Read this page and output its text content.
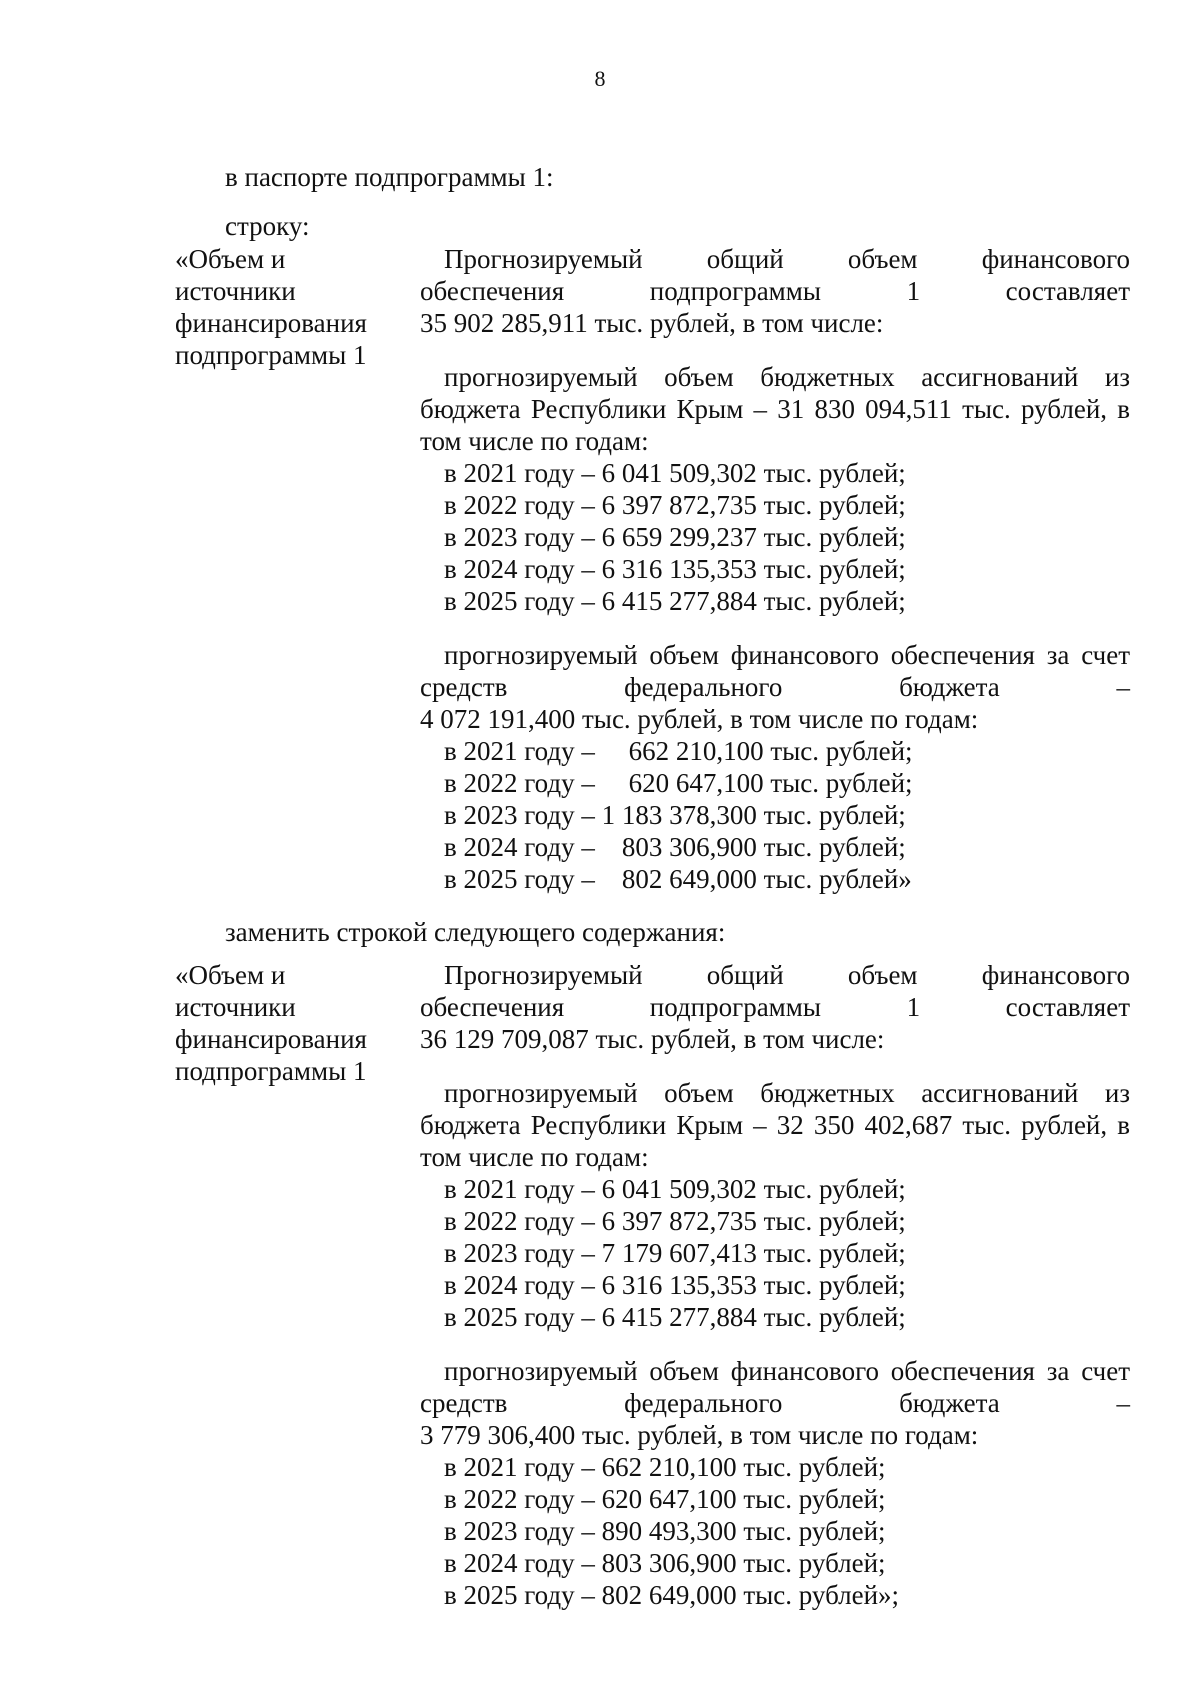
8
в паспорте подпрограммы 1:
строку:
«Объем и
источники
финансирования
подпрограммы 1
Прогнозируемый общий объем финансового
обеспечения подпрограммы 1 составляет
35 902 285,911 тыс. рублей, в том числе:
прогнозируемый объем бюджетных ассигнований из
бюджета Республики Крым – 31 830 094,511 тыс. рублей, в
том числе по годам:
в 2021 году – 6 041 509,302 тыс. рублей;
в 2022 году – 6 397 872,735 тыс. рублей;
в 2023 году – 6 659 299,237 тыс. рублей;
в 2024 году – 6 316 135,353 тыс. рублей;
в 2025 году – 6 415 277,884 тыс. рублей;
прогнозируемый объем финансового обеспечения за счет
средств федерального бюджета –
4 072 191,400 тыс. рублей, в том числе по годам:
в 2021 году –     662 210,100 тыс. рублей;
в 2022 году –     620 647,100 тыс. рублей;
в 2023 году – 1 183 378,300 тыс. рублей;
в 2024 году –    803 306,900 тыс. рублей;
в 2025 году –    802 649,000 тыс. рублей»
заменить строкой следующего содержания:
«Объем и
источники
финансирования
подпрограммы 1
Прогнозируемый общий объем финансового
обеспечения подпрограммы 1 составляет
36 129 709,087 тыс. рублей, в том числе:
прогнозируемый объем бюджетных ассигнований из
бюджета Республики Крым – 32 350 402,687 тыс. рублей, в
том числе по годам:
в 2021 году – 6 041 509,302 тыс. рублей;
в 2022 году – 6 397 872,735 тыс. рублей;
в 2023 году – 7 179 607,413 тыс. рублей;
в 2024 году – 6 316 135,353 тыс. рублей;
в 2025 году – 6 415 277,884 тыс. рублей;
прогнозируемый объем финансового обеспечения за счет
средств федерального бюджета –
3 779 306,400 тыс. рублей, в том числе по годам:
в 2021 году – 662 210,100 тыс. рублей;
в 2022 году – 620 647,100 тыс. рублей;
в 2023 году – 890 493,300 тыс. рублей;
в 2024 году – 803 306,900 тыс. рублей;
в 2025 году – 802 649,000 тыс. рублей»;
